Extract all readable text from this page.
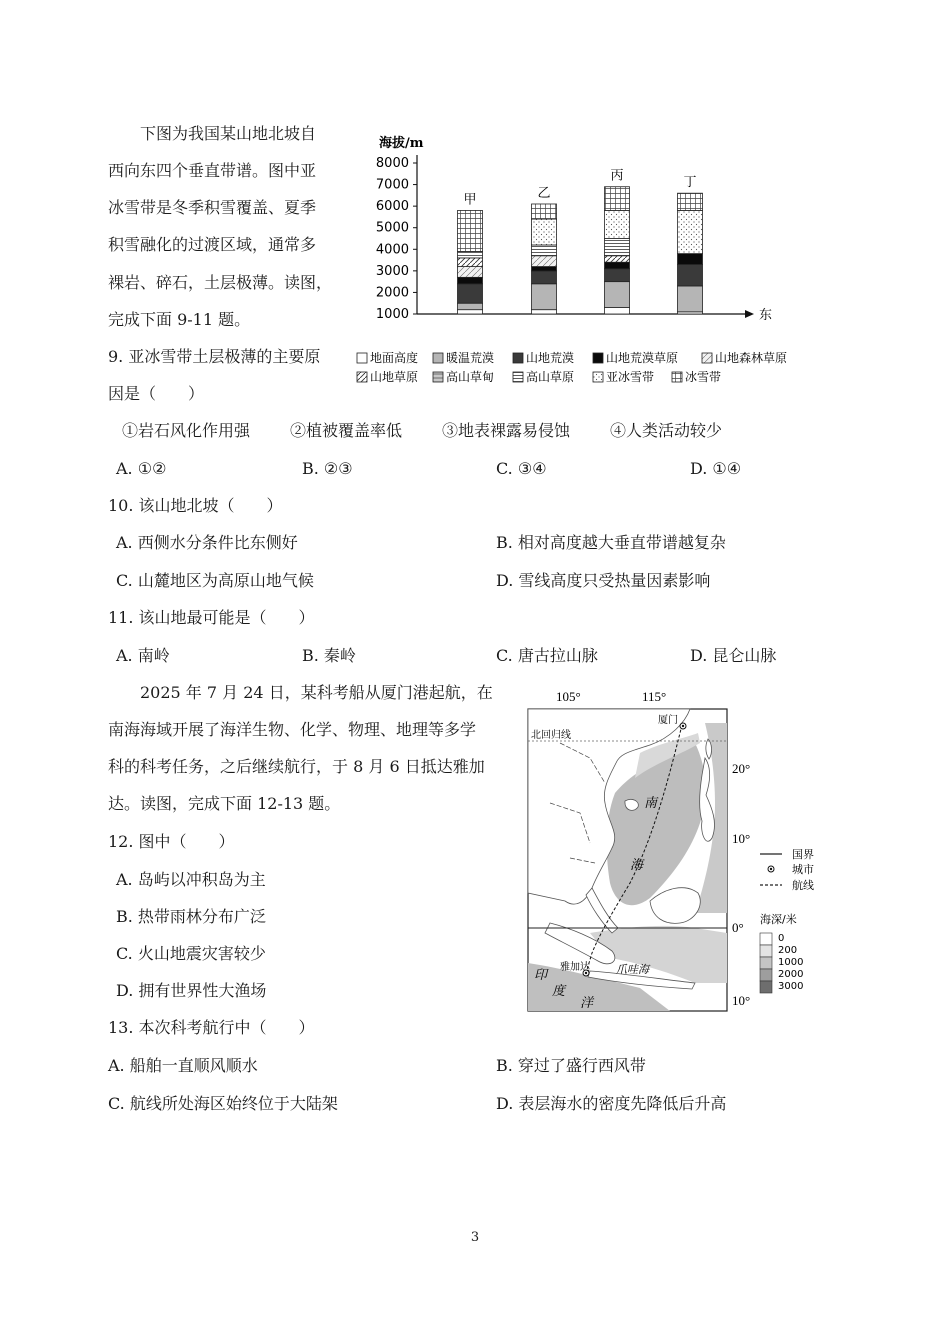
下图为我国某山地北坡自
西向东四个垂直带谱。图中亚
冰雪带是冬季积雪覆盖、夏季
积雪融化的过渡区域，通常多
裸岩、碎石，土层极薄。读图，
完成下面 9-11 题。
9. 亚冰雪带土层极薄的主要原
因是（　　）
①岩石风化作用强 ②植被覆盖率低 ③地表裸露易侵蚀 ④人类活动较少
A. ①②	B. ②③	C. ③④	D. ①④
10. 该山地北坡（　　）
A. 西侧水分条件比东侧好	B. 相对高度越大垂直带谱越复杂
C. 山麓地区为高原山地气候	D. 雪线高度只受热量因素影响
11. 该山地最可能是（　　）
A. 南岭	B. 秦岭	C. 唐古拉山脉	D. 昆仑山脉
2025 年 7 月 24 日，某科考船从厦门港起航，在
南海海域开展了海洋生物、化学、物理、地理等多学
科的科考任务，之后继续航行，于 8 月 6 日抵达雅加
达。读图，完成下面 12-13 题。
12. 图中（　　）
A. 岛屿以冲积岛为主
B. 热带雨林分布广泛
C. 火山地震灾害较少
D. 拥有世界性大渔场
13. 本次科考航行中（　　）
A. 船舶一直顺风顺水	B. 穿过了盛行西风带
C. 航线所处海区始终位于大陆架	D. 表层海水的密度先降低后升高
东
海拔/m
8000
7000
6000
5000
4000
3000
2000
1000
甲	乙
丙	丁
地面高度 暖温荒漠	山地荒漠	山地荒漠草原	山地森林草原
山地草原 高山草甸	高山草原	亚冰雪带	冰雪带
105°	115°
20°
10°
0°
10°
北回归线
厦门
雅加达
南
海
爪哇海
印
度
洋
国界
城市
航线
海深/米
0
200
1000
2000
3000
3
